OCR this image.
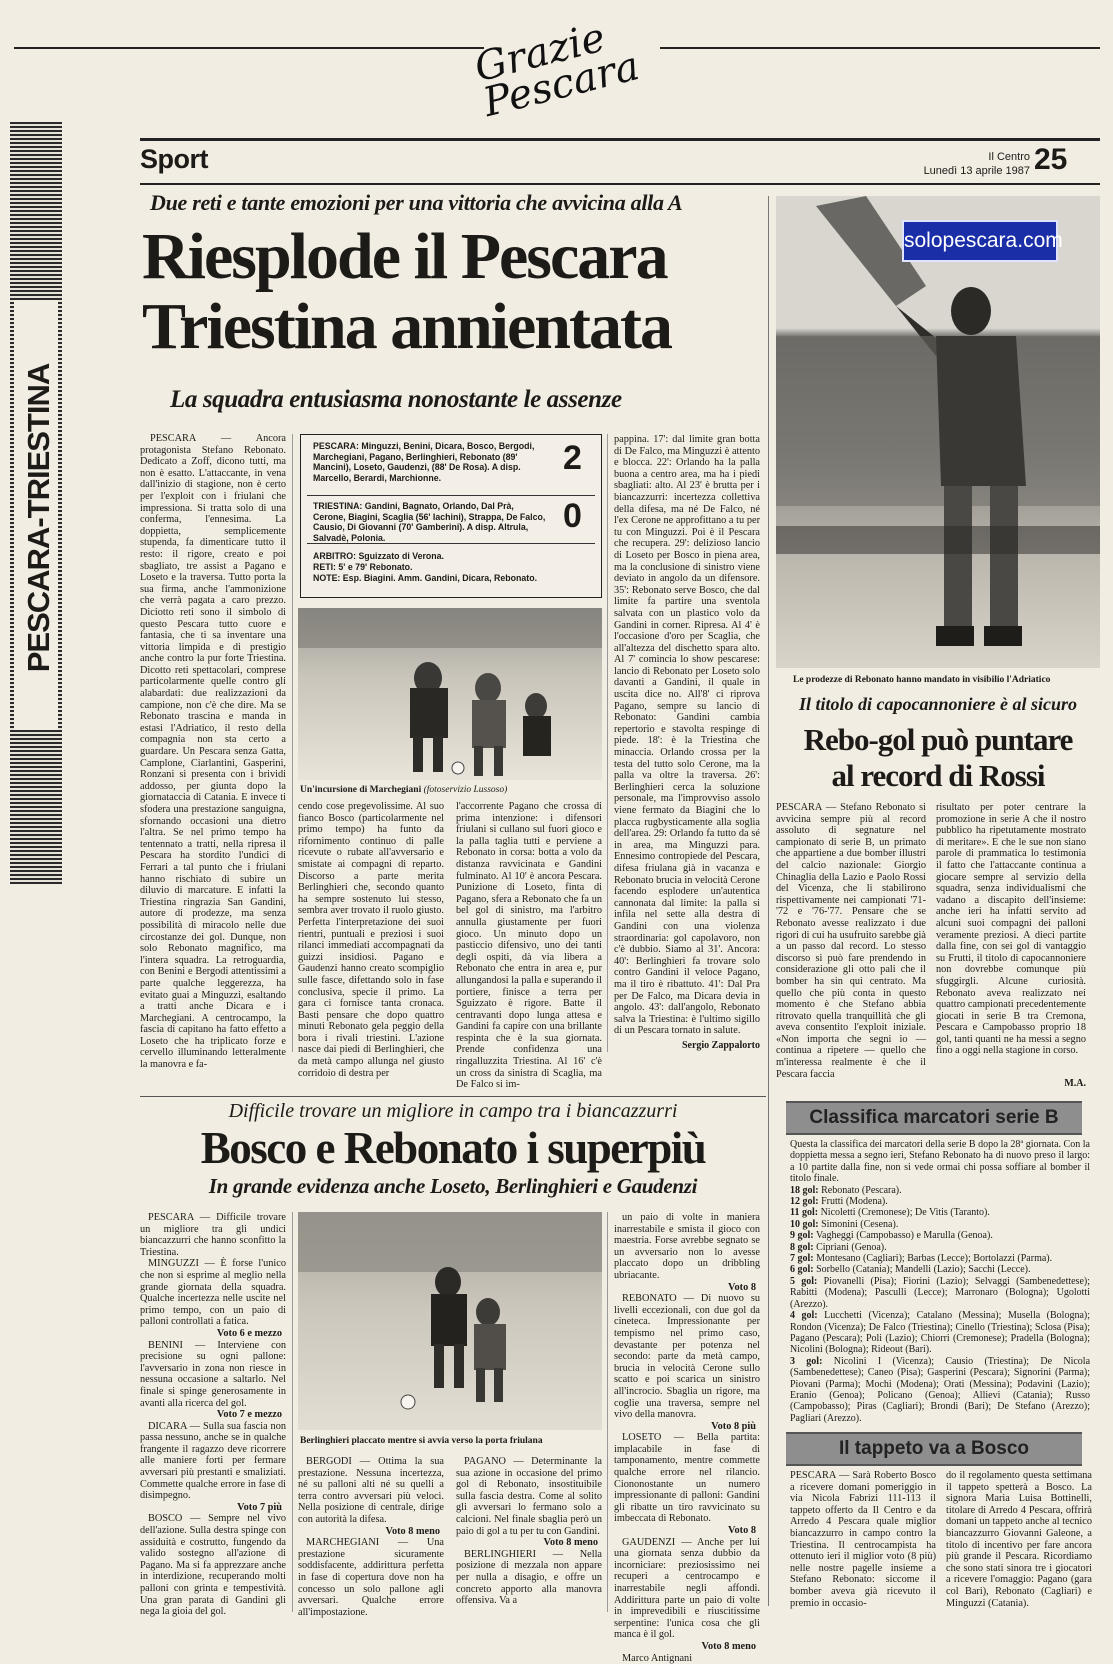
Grazie Pescara
Sport	Il Centro
Lunedì 13 aprile 1987 25
PESCARA-TRIESTINA
Due reti e tante emozioni per una vittoria che avvicina alla A
Riesplode il Pescara
Triestina annientata
La squadra entusiasma nonostante le assenze

PESCARA — Ancora protagonista Stefano Rebonato. Dedicato a Zoff, dicono tutti, ma non è esatto. L'attaccante, in vena dall'inizio di stagione, non è certo per l'exploit con i friulani che impressiona. Si tratta solo di una conferma, l'ennesima. La doppietta, semplicemente stupenda, fa dimenticare tutto il resto: il rigore, creato e poi sbagliato, tre assist a Pagano e Loseto e la traversa. Tutto porta la sua firma, anche l'ammonizione che verrà pagata a caro prezzo. Diciotto reti sono il simbolo di questo Pescara tutto cuore e fantasia, che ti sa inventare una vittoria limpida e di prestigio anche contro la pur forte Triestina. Dicotto reti spettacolari, comprese particolarmente quelle contro gli alabardati: due realizzazioni da campione, non c'è che dire. Ma se Rebonato trascina e manda in estasi l'Adriatico, il resto della compagnia non sta certo a guardare. Un Pescara senza Gatta, Camplone, Ciarlantini, Gasperini, Ronzani si presenta con i brividi addosso, per giunta dopo la giornataccia di Catania. E invece ti sfodera una prestazione sanguigna, sfornando occasioni una dietro l'altra. Se nel primo tempo ha tentennato a tratti, nella ripresa il Pescara ha stordito l'undici di Ferrari a tal punto che i friulani hanno rischiato di subire un diluvio di marcature. E infatti la Triestina ringrazia San Gandini, autore di prodezze, ma senza possibilità di miracolo nelle due circostanze dei gol. Dunque, non solo Rebonato magnifico, ma l'intera squadra. La retroguardia, con Benini e Bergodi attentissimi a parte qualche leggerezza, ha evitato guai a Minguzzi, esaltando a tratti anche Dicara e i Marchegiani. A centrocampo, la fascia di capitano ha fatto effetto a Loseto che ha triplicato forze e cervello illuminando letteralmente la manovra e fa-

PESCARA: Minguzzi, Benini, Dicara, Bosco, Bergodi, Marchegiani, Pagano, Berlinghieri, Rebonato (89' Mancini), Loseto, Gaudenzi, (88' De Rosa). A disp. Marcello, Berardi, Marchionne.
2
TRIESTINA: Gandini, Bagnato, Orlando, Dal Prà, Cerone, Biagini, Scaglia (56' Iachini), Strappa, De Falco, Causio, Di Giovanni (70' Gamberini). A disp. Altrula, Salvadè, Polonia.
0
ARBITRO: Sguizzato di Verona.
RETI: 5' e 79' Rebonato.
NOTE: Esp. Biagini. Amm. Gandini, Dicara, Rebonato.
Un'incursione di Marchegiani (fotoservizio Lussoso)

cendo cose pregevolissime. Al suo fianco Bosco (particolarmente nel primo tempo) ha funto da rifornimento continuo di palle ricevute o rubate all'avversario e smistate ai compagni di reparto. Discorso a parte merita Berlinghieri che, secondo quanto ha sempre sostenuto lui stesso, sembra aver trovato il ruolo giusto. Perfetta l'interpretazione dei suoi rientri, puntuali e preziosi i suoi rilanci immediati accompagnati da guizzi insidiosi. Pagano e Gaudenzi hanno creato scompiglio sulle fasce, difettando solo in fase conclusiva, specie il primo. La gara ci fornisce tanta cronaca. Basti pensare che dopo quattro minuti Rebonato gela peggio della bora i rivali triestini. L'azione nasce dai piedi di Berlinghieri, che da metà campo allunga nel giusto corridoio di destra per

l'accorrente Pagano che crossa di prima intenzione: i difensori friulani si cullano sul fuori gioco e la palla taglia tutti e perviene a Rebonato in corsa: botta a volo da distanza ravvicinata e Gandini fulminato. Al 10' è ancora Pescara. Punizione di Loseto, finta di Pagano, sfera a Rebonato che fa un bel gol di sinistro, ma l'arbitro annulla giustamente per fuori gioco. Un minuto dopo un pasticcio difensivo, uno dei tanti degli ospiti, dà via libera a Rebonato che entra in area e, pur allungandosi la palla e superando il portiere, finisce a terra per Sguizzato è rigore. Batte il centravanti dopo lunga attesa e Gandini fa capire con una brillante respinta che è la sua giornata. Prende confidenza una ringalluzzita Triestina. Al 16' c'è un cross da sinistra di Scaglia, ma De Falco si im-

pappina. 17': dal limite gran botta di De Falco, ma Minguzzi è attento e blocca. 22': Orlando ha la palla buona a centro area, ma ha i piedi sbagliati: alto. Al 23' è brutta per i biancazzurri: incertezza collettiva della difesa, ma né De Falco, né l'ex Cerone ne approfittano a tu per tu con Minguzzi. Poi è il Pescara che recupera. 29': delizioso lancio di Loseto per Bosco in piena area, ma la conclusione di sinistro viene deviato in angolo da un difensore. 35': Rebonato serve Bosco, che dal limite fa partire una sventola salvata con un plastico volo da Gandini in corner. Ripresa. Al 4' è l'occasione d'oro per Scaglia, che all'altezza del dischetto spara alto. Al 7' comincia lo show pescarese: lancio di Rebonato per Loseto solo davanti a Gandini, il quale in uscita dice no. All'8' ci riprova Pagano, sempre su lancio di Rebonato: Gandini cambia repertorio e stavolta respinge di piede. 18': è la Triestina che minaccia. Orlando crossa per la testa del tutto solo Cerone, ma la palla va oltre la traversa. 26': Berlinghieri cerca la soluzione personale, ma l'improvviso assolo viene fermato da Biagini che lo placca rugbysticamente alla soglia dell'area. 29: Orlando fa tutto da sé in area, ma Minguzzi para. Ennesimo contropiede del Pescara, difesa friulana già in vacanza e Rebonato brucia in velocità Cerone facendo esplodere un'autentica cannonata dal limite: la palla si infila nel sette alla destra di Gandini con una violenza straordinaria: gol capolavoro, non c'è dubbio. Siamo al 31'. Ancora: 40': Berlinghieri fa trovare solo contro Gandini il veloce Pagano, ma il tiro è ribattuto. 41': Dal Pra per De Falco, ma Dicara devia in angolo. 43': dall'angolo, Rebonato salva la Triestina: è l'ultimo sigillo di un Pescara tornato in salute.

Sergio Zappalorto
solopescara.com
Le prodezze di Rebonato hanno mandato in visibilio l'Adriatico
Il titolo di capocannoniere è al sicuro
Rebo-gol può puntare
al record di Rossi

PESCARA — Stefano Rebonato si avvicina sempre più al record assoluto di segnature nel campionato di serie B, un primato che appartiene a due bomber illustri del calcio nazionale: Giorgio Chinaglia della Lazio e Paolo Rossi del Vicenza, che li stabilirono rispettivamente nei campionati '71-'72 e '76-'77. Pensare che se Rebonato avesse realizzato i due rigori di cui ha usufruito sarebbe già a un passo dal record. Lo stesso discorso si può fare prendendo in considerazione gli otto pali che il bomber ha sin qui centrato. Ma quello che più conta in questo momento è che Stefano abbia ritrovato quella tranquillità che gli aveva consentito l'exploit iniziale. «Non importa che segni io — continua a ripetere — quello che m'interessa realmente è che il Pescara faccia

risultato per poter centrare la promozione in serie A che il nostro pubblico ha ripetutamente mostrato di meritare». E che le sue non siano parole di prammatica lo testimonia il fatto che l'attaccante continua a giocare sempre al servizio della squadra, senza individualismi che vadano a discapito dell'insieme: anche ieri ha infatti servito ad alcuni suoi compagni dei palloni veramente preziosi. A dieci partite dalla fine, con sei gol di vantaggio su Frutti, il titolo di capocannoniere non dovrebbe comunque più sfuggirgli. Alcune curiosità. Rebonato aveva realizzato nei quattro campionati precedentemente giocati in serie B tra Cremona, Pescara e Campobasso proprio 18 gol, tanti quanti ne ha messi a segno fino a oggi nella stagione in corso.

M.A.
Classifica marcatori serie B

Questa la classifica dei marcatori della serie B dopo la 28ª giornata. Con la doppietta messa a segno ieri, Stefano Rebonato ha di nuovo preso il largo: a 10 partite dalla fine, non si vede ormai chi possa soffiare al bomber il titolo finale.

18 gol: Rebonato (Pescara).
12 gol: Frutti (Modena).
11 gol: Nicoletti (Cremonese); De Vitis (Taranto).
10 gol: Simonini (Cesena).
9 gol: Vagheggi (Campobasso) e Marulla (Genoa).
8 gol: Cipriani (Genoa).
7 gol: Montesano (Cagliari); Barbas (Lecce); Bortolazzi (Parma).
6 gol: Sorbello (Catania); Mandelli (Lazio); Sacchi (Lecce).
5 gol: Piovanelli (Pisa); Fiorini (Lazio); Selvaggi (Sambenedettese); Rabitti (Modena); Pasculli (Lecce); Marronaro (Bologna); Ugolotti (Arezzo).
4 gol: Lucchetti (Vicenza); Catalano (Messina); Musella (Bologna); Rondon (Vicenza); De Falco (Triestina); Cinello (Triestina); Sclosa (Pisa); Pagano (Pescara); Poli (Lazio); Chiorri (Cremonese); Pradella (Bologna); Nicolini (Bologna); Rideout (Bari).
3 gol: Nicolini I (Vicenza); Causio (Triestina); De Nicola (Sambenedettese); Caneo (Pisa); Gasperini (Pescara); Signorini (Parma); Piovani (Parma); Mochi (Modena); Orati (Messina); Podavini (Lazio); Eranio (Genoa); Policano (Genoa); Allievi (Catania); Russo (Campobasso); Piras (Cagliari); Brondi (Bari); De Stefano (Arezzo); Pagliari (Arezzo).
Il tappeto va a Bosco

PESCARA — Sarà Roberto Bosco a ricevere domani pomeriggio in via Nicola Fabrizi 111-113 il tappeto offerto da Il Centro e da Arredo 4 Pescara quale miglior biancazzurro in campo contro la Triestina. Il centrocampista ha ottenuto ieri il miglior voto (8 più) nelle nostre pagelle insieme a Stefano Rebonato: siccome il bomber aveva già ricevuto il premio in occasio-

do il regolamento questa settimana il tappeto spetterà a Bosco. La signora Maria Luisa Bottinelli, titolare di Arredo 4 Pescara, offrirà domani un tappeto anche al tecnico biancazzurro Giovanni Galeone, a titolo di incentivo per fare ancora più grande il Pescara. Ricordiamo che sono stati sinora tre i giocatori a ricevere l'omaggio: Pagano (gara col Bari), Rebonato (Cagliari) e Minguzzi (Catania).

Difficile trovare un migliore in campo tra i biancazzurri
Bosco e Rebonato i superpiù
In grande evidenza anche Loseto, Berlinghieri e Gaudenzi
PESCARA — Difficile trovare un migliore tra gli undici biancazzurri che hanno sconfitto la Triestina.
MINGUZZI — È forse l'unico che non si esprime al meglio nella grande giornata della squadra. Qualche incertezza nelle uscite nel primo tempo, con un paio di palloni controllati a fatica.
Voto 6 e mezzo
BENINI — Interviene con precisione su ogni pallone: l'avversario in zona non riesce in nessuna occasione a saltarlo. Nel finale si spinge generosamente in avanti alla ricerca del gol.
Voto 7 e mezzo
DICARA — Sulla sua fascia non passa nessuno, anche se in qualche frangente il ragazzo deve ricorrere alle maniere forti per fermare avversari più prestanti e smaliziati. Commette qualche errore in fase di disimpegno.
Voto 7 più
BOSCO — Sempre nel vivo dell'azione. Sulla destra spinge con assiduità e costrutto, fungendo da valido sostegno all'azione di Pagano. Ma si fa apprezzare anche in interdizione, recuperando molti palloni con grinta e tempestività. Una gran parata di Gandini gli nega la gioia del gol.
Berlinghieri placcato mentre si avvia verso la porta friulana
BERGODI — Ottima la sua prestazione. Nessuna incertezza, né su palloni alti né su quelli a terra contro avversari più veloci. Nella posizione di centrale, dirige con autorità la difesa.
Voto 8 meno
MARCHEGIANI — Una prestazione sicuramente soddisfacente, addirittura perfetta in fase di copertura dove non ha concesso un solo pallone agli avversari. Qualche errore all'impostazione.
PAGANO — Determinante la sua azione in occasione del primo gol di Rebonato, insostituibile sulla fascia destra. Come al solito gli avversari lo fermano solo a calcioni. Nel finale sbaglia però un paio di gol a tu per tu con Gandini.
Voto 8 meno
BERLINGHIERI — Nella posizione di mezzala non appare per nulla a disagio, e offre un concreto apporto alla manovra offensiva. Va a
un paio di volte in maniera inarrestabile e smista il gioco con maestria. Forse avrebbe segnato se un avversario non lo avesse placcato dopo un dribbling ubriacante.
Voto 8
REBONATO — Di nuovo su livelli eccezionali, con due gol da cineteca. Impressionante per tempismo nel primo caso, devastante per potenza nel secondo: parte da metà campo, brucia in velocità Cerone sullo scatto e poi scarica un sinistro all'incrocio. Sbaglia un rigore, ma coglie una traversa, sempre nel vivo della manovra.
Voto 8 più
LOSETO — Bella partita: implacabile in fase di tamponamento, mentre commette qualche errore nel rilancio. Ciononostante un numero impressionante di palloni: Gandini gli ribatte un tiro ravvicinato su imbeccata di Rebonato.
Voto 8
GAUDENZI — Anche per lui una giornata senza dubbio da incorniciare: preziosissimo nei recuperi a centrocampo e inarrestabile negli affondi. Addirittura parte un paio di volte in imprevedibili e riuscitissime serpentine: l'unica cosa che gli manca è il gol.
Voto 8 meno
Marco Antignani
